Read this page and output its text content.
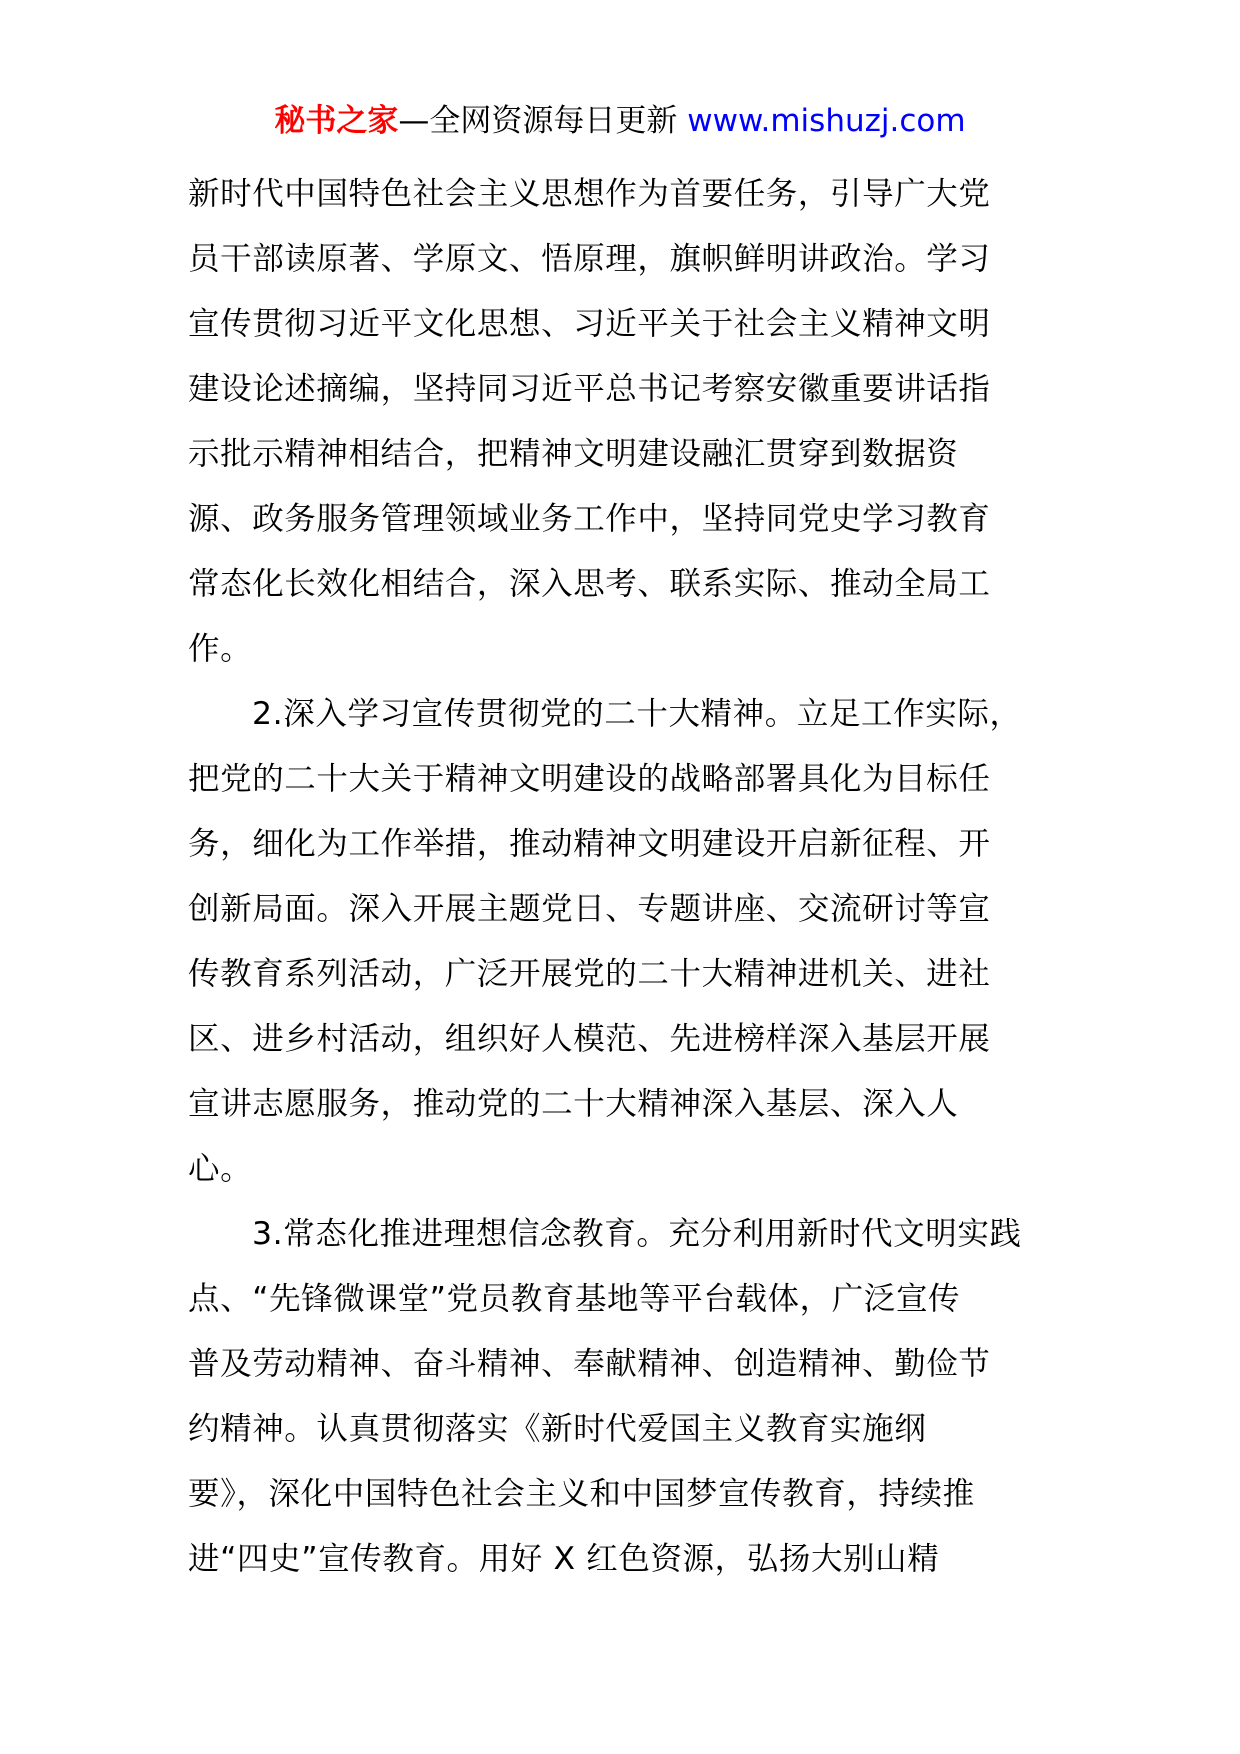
秘书之家—全网资源每日更新 www.mishuzj.com
新时代中国特色社会主义思想作为首要任务，引导广大党
员干部读原著、学原文、悟原理，旗帜鲜明讲政治。学习
宣传贯彻习近平文化思想、习近平关于社会主义精神文明
建设论述摘编，坚持同习近平总书记考察安徽重要讲话指
示批示精神相结合，把精神文明建设融汇贯穿到数据资
源、政务服务管理领域业务工作中，坚持同党史学习教育
常态化长效化相结合，深入思考、联系实际、推动全局工
作。
2.深入学习宣传贯彻党的二十大精神。立足工作实际，
把党的二十大关于精神文明建设的战略部署具化为目标任
务，细化为工作举措，推动精神文明建设开启新征程、开
创新局面。深入开展主题党日、专题讲座、交流研讨等宣
传教育系列活动，广泛开展党的二十大精神进机关、进社
区、进乡村活动，组织好人模范、先进榜样深入基层开展
宣讲志愿服务，推动党的二十大精神深入基层、深入人
心。
3.常态化推进理想信念教育。充分利用新时代文明实践
点、“先锋微课堂”党员教育基地等平台载体，广泛宣传
普及劳动精神、奋斗精神、奉献精神、创造精神、勤俭节
约精神。认真贯彻落实《新时代爱国主义教育实施纲
要》，深化中国特色社会主义和中国梦宣传教育，持续推
进“四史”宣传教育。用好 X 红色资源，弘扬大别山精
